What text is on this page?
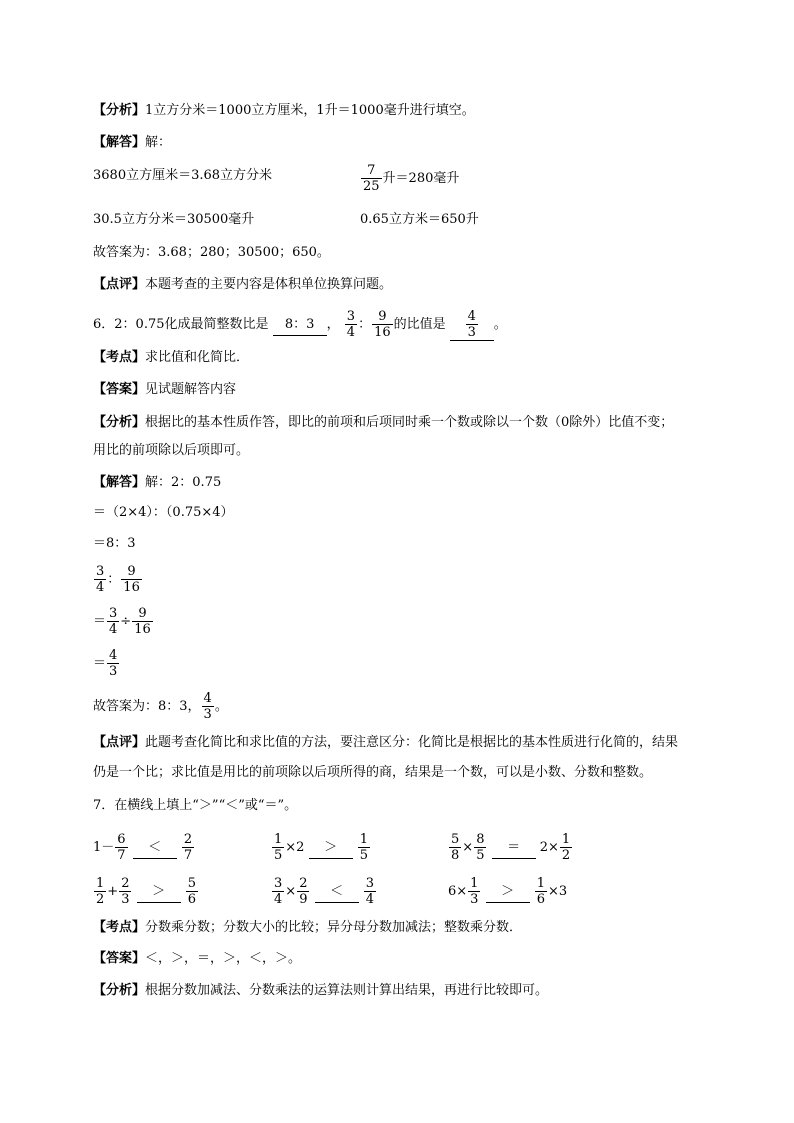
【分析】1立方分米＝1000立方厘米，1升＝1000毫升进行填空。
【解答】解：
3680立方厘米＝3.68立方分米	$\frac{7}{25}$ 升＝280毫升
30.5立方分米＝30500毫升	0.65立方米＝650升
故答案为：3.68；280；30500；650。
【点评】本题考查的主要内容是体积单位换算问题。
6．2：0.75化成最简整数比是 8：3 ， $\frac{3}{4}$ ： $\frac{9}{16}$ 的比值是 $\frac{4}{3}$ 。
【考点】求比值和化简比．
【答案】见试题解答内容
【分析】根据比的基本性质作答，即比的前项和后项同时乘一个数或除以一个数（0除外）比值不变；
用比的前项除以后项即可。
【解答】解：2：0.75
＝（2×4）：（0.75×4）
＝8：3
$\frac{3}{4}$ ： $\frac{9}{16}$
＝ $\frac{3}{4} \div \frac{9}{16}$
＝ $\frac{4}{3}$
故答案为：8：3， $\frac{4}{3}$ 。
【点评】此题考查化简比和求比值的方法，要注意区分：化简比是根据比的基本性质进行化简的，结果
仍是一个比；求比值是用比的前项除以后项所得的商，结果是一个数，可以是小数、分数和整数。
7．在横线上填上“＞”“＜”或“＝”。
$1- \frac{6}{7} < \frac{2}{7}$	$\frac{1}{5} \times 2 > \frac{1}{5}$	$\frac{5}{8} \times \frac{8}{5} = 2\times \frac{1}{2}$
$\frac{1}{2} + \frac{2}{3} > \frac{5}{6}$	$\frac{3}{4} \times \frac{2}{9} < \frac{3}{4}$	$6\times \frac{1}{3} > \frac{1}{6} \times 3$
【考点】分数乘分数；分数大小的比较；异分母分数加减法；整数乘分数．
【答案】＜，＞，＝，＞，＜，＞。
【分析】根据分数加减法、分数乘法的运算法则计算出结果，再进行比较即可。
